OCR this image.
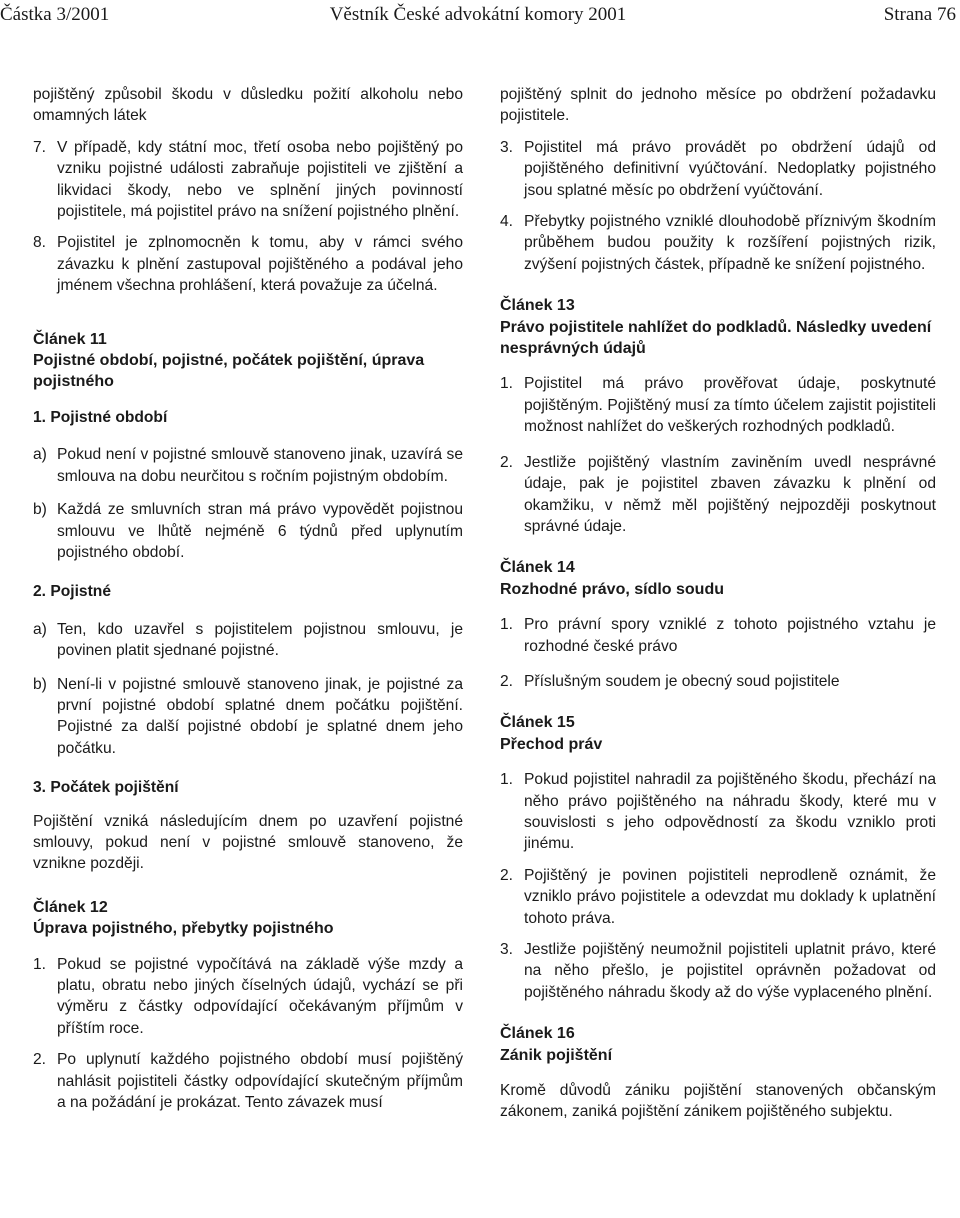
Částka 3/2001	Věstník České advokátní komory 2001	Strana 76

pojištěný způsobil škodu v důsledku požití alkoholu nebo omamných látek

7. V případě, kdy státní moc, třetí osoba nebo pojištěný po vzniku pojistné události zabraňuje pojistiteli ve zjištění a likvidaci škody, nebo ve splnění jiných povinností pojistitele, má pojistitel právo na snížení pojistného plnění.
8. Pojistitel je zplnomocněn k tomu, aby v rámci svého závazku k plnění zastupoval pojištěného a podával jeho jménem všechna prohlášení, která považuje za účelná.

Článek 11

Pojistné období, pojistné, počátek pojištění, úprava pojistného

1. Pojistné období

a) Pokud není v pojistné smlouvě stanoveno jinak, uzavírá se smlouva na dobu neurčitou s ročním pojistným obdobím.
b) Každá ze smluvních stran má právo vypovědět pojistnou smlouvu ve lhůtě nejméně 6 týdnů před uplynutím pojistného období.

2. Pojistné

a) Ten, kdo uzavřel s pojistitelem pojistnou smlouvu, je povinen platit sjednané pojistné.
b) Není-li v pojistné smlouvě stanoveno jinak, je pojistné za první pojistné období splatné dnem počátku pojištění. Pojistné za další pojistné období je splatné dnem jeho počátku.

3. Počátek pojištění

Pojištění vzniká následujícím dnem po uzavření pojistné smlouvy, pokud není v pojistné smlouvě stanoveno, že vznikne později.

Článek 12

Úprava pojistného, přebytky pojistného

1. Pokud se pojistné vypočítává na základě výše mzdy a platu, obratu nebo jiných číselných údajů, vychází se při výměru z částky odpovídající očekávaným příjmům v příštím roce.
2. Po uplynutí každého pojistného období musí pojištěný nahlásit pojistiteli částky odpovídající skutečným příjmům a na požádání je prokázat. Tento závazek musí

pojištěný splnit do jednoho měsíce po obdržení požadavku pojistitele.

3. Pojistitel má právo provádět po obdržení údajů od pojištěného definitivní vyúčtování. Nedoplatky pojistného jsou splatné měsíc po obdržení vyúčtování.
4. Přebytky pojistného vzniklé dlouhodobě příznivým škodním průběhem budou použity k rozšíření pojistných rizik, zvýšení pojistných částek, případně ke snížení pojistného.

Článek 13

Právo pojistitele nahlížet do podkladů. Následky uvedení nesprávných údajů

1. Pojistitel má právo prověřovat údaje, poskytnuté pojištěným. Pojištěný musí za tímto účelem zajistit pojistiteli možnost nahlížet do veškerých rozhodných podkladů.
2. Jestliže pojištěný vlastním zaviněním uvedl nesprávné údaje, pak je pojistitel zbaven závazku k plnění od okamžiku, v němž měl pojištěný nejpozději poskytnout správné údaje.

Článek 14

Rozhodné právo, sídlo soudu

1. Pro právní spory vzniklé z tohoto pojistného vztahu je rozhodné české právo
2. Příslušným soudem je obecný soud pojistitele

Článek 15

Přechod práv

1. Pokud pojistitel nahradil za pojištěného škodu, přechází na něho právo pojištěného na náhradu škody, které mu v souvislosti s jeho odpovědností za škodu vzniklo proti jinému.
2. Pojištěný je povinen pojistiteli neprodleně oznámit, že vzniklo právo pojistitele a odevzdat mu doklady k uplatnění tohoto práva.
3. Jestliže pojištěný neumožnil pojistiteli uplatnit právo, které na něho přešlo, je pojistitel oprávněn požadovat od pojištěného náhradu škody až do výše vyplaceného plnění.

Článek 16

Zánik pojištění

Kromě důvodů zániku pojištění stanovených občanským zákonem, zaniká pojištění zánikem pojištěného subjektu.
